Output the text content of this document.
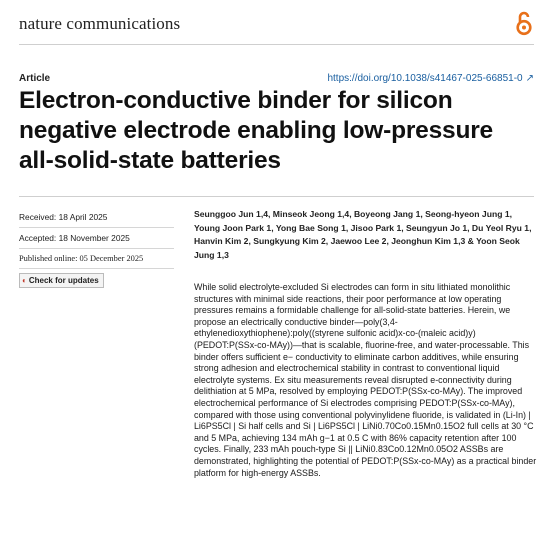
nature communications
Article	https://doi.org/10.1038/s41467-025-66851-0 ↗
Electron-conductive binder for silicon negative electrode enabling low-pressure all-solid-state batteries
Received: 18 April 2025
Accepted: 18 November 2025
Published online: 05 December 2025
◐ Check for updates
Seunggoo Jun 1,4, Minseok Jeong 1,4, Boyeong Jang 1, Seong-hyeon Jung 1, Young Joon Park 1, Yong Bae Song 1, Jisoo Park 1, Seungyun Jo 1, Du Yeol Ryu 1, Hanvin Kim 2, Sungkyung Kim 2, Jaewoo Lee 2, Jeonghun Kim 1,3 & Yoon Seok Jung 1,3
While solid electrolyte-excluded Si electrodes can form in situ lithiated monolithic structures with minimal side reactions, their poor performance at low operating pressures remains a formidable challenge for all-solid-state batteries. Herein, we propose an electrically conductive binder—poly(3,4-ethylenedioxythiophene):poly((styrene sulfonic acid)x-co-(maleic acid)y) (PEDOT:P(SSx-co-MAy))—that is scalable, fluorine-free, and water-processable. This binder offers sufficient e− conductivity to eliminate carbon additives, while ensuring strong adhesion and electrochemical stability in contrast to conventional liquid electrolyte systems. Ex situ measurements reveal disrupted e-connectivity during delithiation at 5 MPa, resolved by employing PEDOT:P(SSx-co-MAy). The improved electrochemical performance of Si electrodes comprising PEDOT:P(SSx-co-MAy), compared with those using conventional polyvinylidene fluoride, is validated in (Li-In) | Li6PS5Cl | Si half cells and Si | Li6PS5Cl | LiNi0.70Co0.15Mn0.15O2 full cells at 30 °C and 5 MPa, achieving 134 mAh g−1 at 0.5 C with 86% capacity retention after 100 cycles. Finally, 233 mAh pouch-type Si || LiNi0.83Co0.12Mn0.05O2 ASSBs are demonstrated, highlighting the potential of PEDOT:P(SSx-co-MAy) as a practical binder platform for high-energy ASSBs.
